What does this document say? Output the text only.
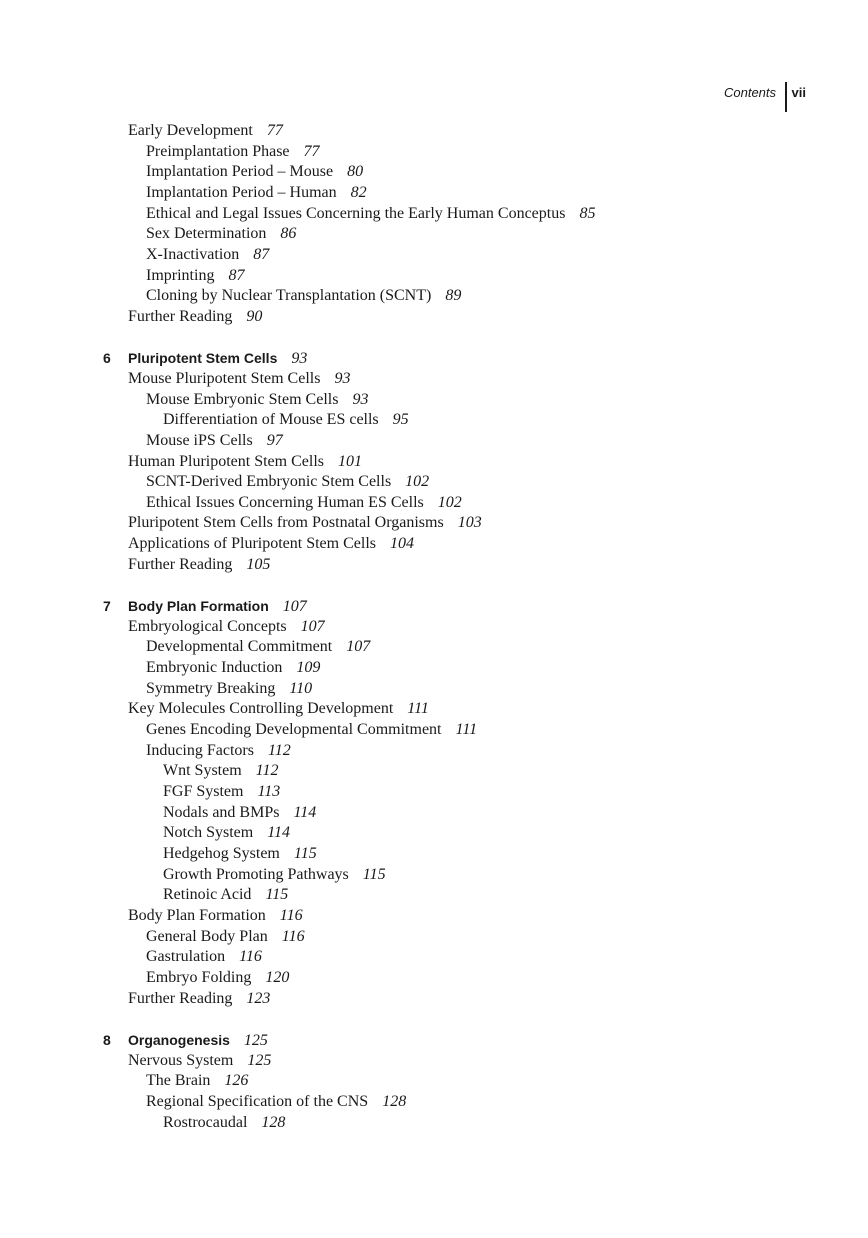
Contents	vii
Early Development 77
Preimplantation Phase 77
Implantation Period – Mouse 80
Implantation Period – Human 82
Ethical and Legal Issues Concerning the Early Human Conceptus 85
Sex Determination 86
X-Inactivation 87
Imprinting 87
Cloning by Nuclear Transplantation (SCNT) 89
Further Reading 90
6 Pluripotent Stem Cells 93
Mouse Pluripotent Stem Cells 93
Mouse Embryonic Stem Cells 93
Differentiation of Mouse ES cells 95
Mouse iPS Cells 97
Human Pluripotent Stem Cells 101
SCNT-Derived Embryonic Stem Cells 102
Ethical Issues Concerning Human ES Cells 102
Pluripotent Stem Cells from Postnatal Organisms 103
Applications of Pluripotent Stem Cells 104
Further Reading 105
7 Body Plan Formation 107
Embryological Concepts 107
Developmental Commitment 107
Embryonic Induction 109
Symmetry Breaking 110
Key Molecules Controlling Development 111
Genes Encoding Developmental Commitment 111
Inducing Factors 112
Wnt System 112
FGF System 113
Nodals and BMPs 114
Notch System 114
Hedgehog System 115
Growth Promoting Pathways 115
Retinoic Acid 115
Body Plan Formation 116
General Body Plan 116
Gastrulation 116
Embryo Folding 120
Further Reading 123
8 Organogenesis 125
Nervous System 125
The Brain 126
Regional Specification of the CNS 128
Rostrocaudal 128
